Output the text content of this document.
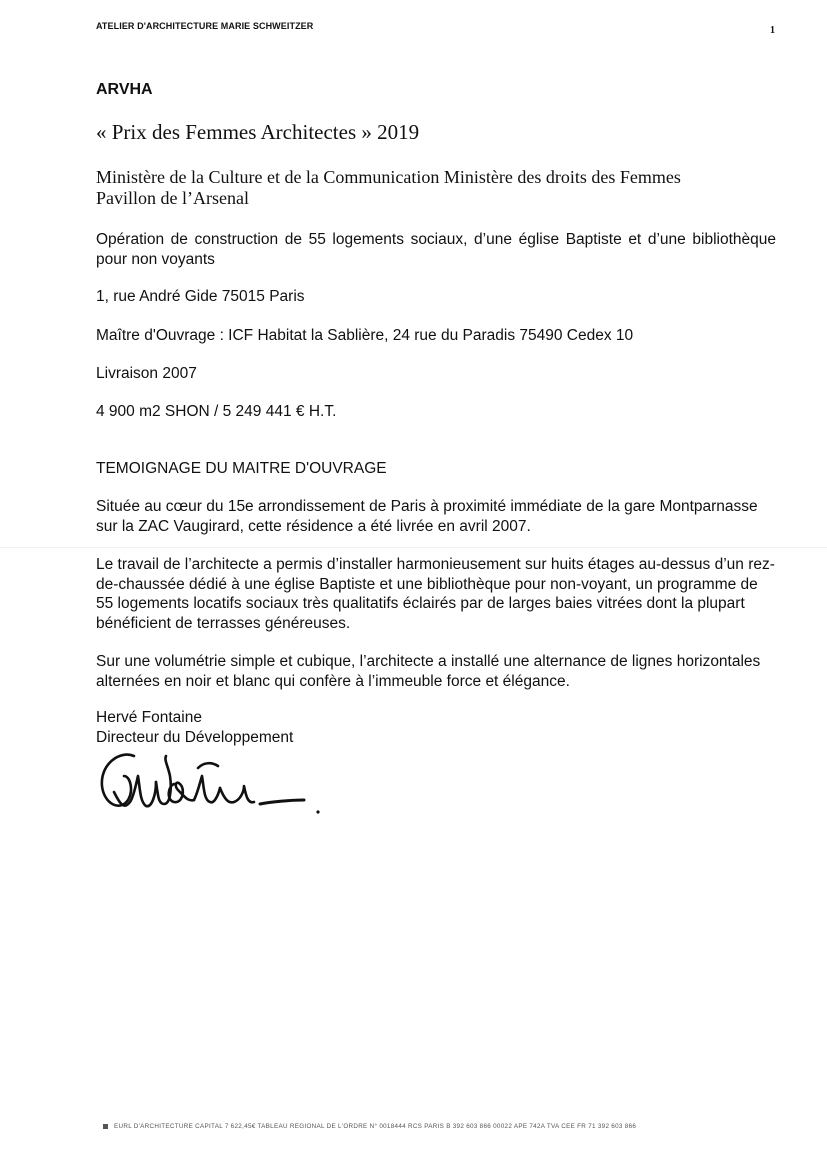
ATELIER D'ARCHITECTURE MARIE SCHWEITZER	1
ARVHA
« Prix des Femmes Architectes » 2019
Ministère de la Culture et de la Communication Ministère des droits des Femmes
Pavillon de l’Arsenal
Opération de construction de 55 logements sociaux, d’une église Baptiste et d’une bibliothèque pour non voyants
1, rue André Gide 75015 Paris
Maître d'Ouvrage : ICF Habitat la Sablière, 24 rue du Paradis 75490 Cedex 10
Livraison 2007
4 900 m2 SHON / 5 249 441 € H.T.
TEMOIGNAGE DU MAITRE D'OUVRAGE
Située au cœur du 15e arrondissement de Paris à proximité immédiate de la gare Montparnasse sur la ZAC Vaugirard, cette résidence a été livrée en avril 2007.
Le travail de l’architecte a permis d’installer harmonieusement sur huits étages au-dessus d’un rez-de-chaussée dédié à une église Baptiste et une bibliothèque pour non-voyant, un programme de 55 logements locatifs sociaux très qualitatifs éclairés par de larges baies vitrées dont la plupart bénéficient de terrasses généreuses.
Sur une volumétrie simple et cubique, l’architecte a installé une alternance de lignes horizontales alternées en noir et blanc qui confère à l’immeuble force et élégance.
Hervé Fontaine
Directeur du Développement
EURL D'ARCHITECTURE CAPITAL 7 622,45€ TABLEAU REGIONAL DE L'ORDRE N° 0018444 RCS PARIS B 392 603 866 00022 APE 742A TVA CEE FR 71 392 603 866
